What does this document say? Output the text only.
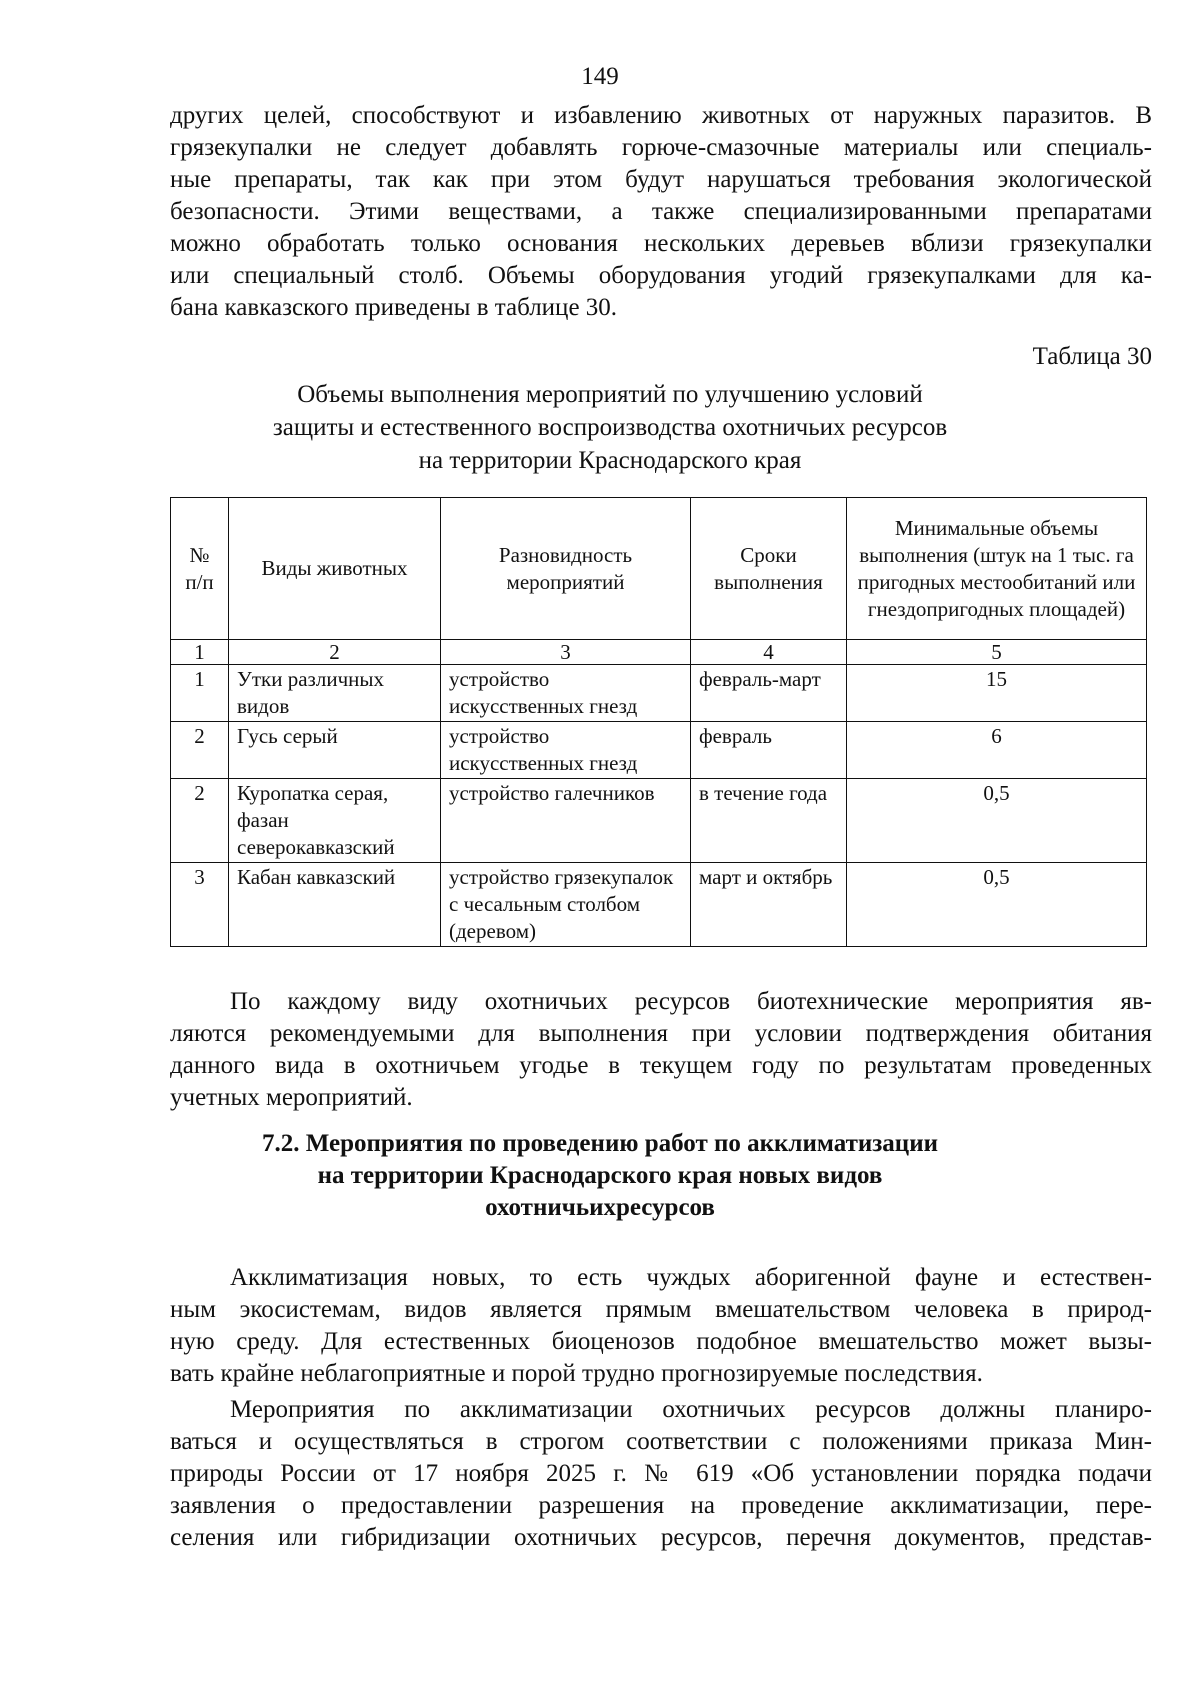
149

других целей, способствуют и избавлению животных от наружных паразитов. В
грязекупалки не следует добавлять горюче-смазочные материалы или специаль-
ные препараты, так как при этом будут нарушаться требования экологической
безопасности. Этими веществами, а также специализированными препаратами
можно обработать только основания нескольких деревьев вблизи грязекупалки
или специальный столб. Объемы оборудования угодий грязекупалками для ка-
бана кавказского приведены в таблице 30.

Таблица 30
Объемы выполнения мероприятий по улучшению условий
защиты и естественного воспроизводства охотничьих ресурсов
на территории Краснодарского края
№ п/п	Виды животных	Разновидность мероприятий	Сроки выполнения	Минимальные объемы выполнения (штук на 1 тыс. га пригодных местообитаний или гнездопригодных площадей)
1	2	3	4	5
1	Утки различных видов	устройство искусственных гнезд	февраль-март	15
2	Гусь серый	устройство искусственных гнезд	февраль	6
2	Куропатка серая, фазан северокавказский	устройство галечников	в течение года	0,5
3	Кабан кавказский	устройство грязекупалок с чесальным столбом (деревом)	март и октябрь	0,5

По каждому виду охотничьих ресурсов биотехнические мероприятия яв-
ляются рекомендуемыми для выполнения при условии подтверждения обитания
данного вида в охотничьем угодье в текущем году по результатам проведенных
учетных мероприятий.

7.2. Мероприятия по проведению работ по акклиматизации
на территории Краснодарского края новых видов
охотничьихресурсов

Акклиматизация новых, то есть чуждых аборигенной фауне и естествен-
ным экосистемам, видов является прямым вмешательством человека в природ-
ную среду. Для естественных биоценозов подобное вмешательство может вызы-
вать крайне неблагоприятные и порой трудно прогнозируемые последствия.

Мероприятия по акклиматизации охотничьих ресурсов должны планиро-
ваться и осуществляться в строгом соответствии с положениями приказа Мин-
природы России от 17 ноября 2025 г. № 619 «Об установлении порядка подачи
заявления о предоставлении разрешения на проведение акклиматизации, пере-
селения или гибридизации охотничьих ресурсов, перечня документов, представ-
